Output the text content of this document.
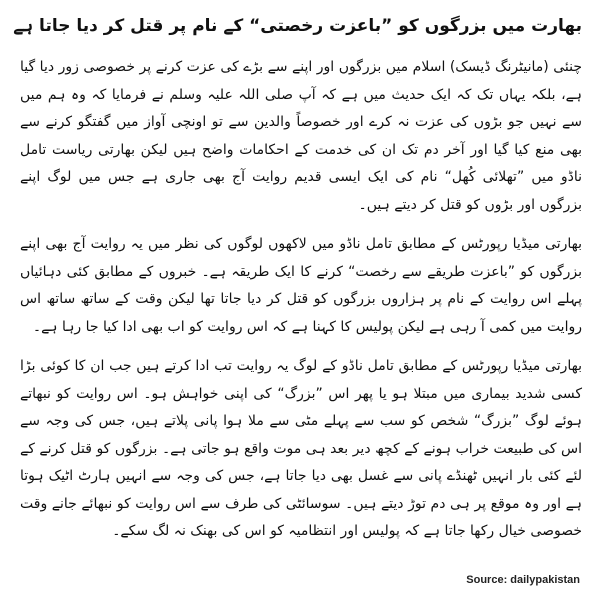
بھارت میں بزرگوں کو ”باعزت رخصتی“ کے نام پر قتل کر دیا جاتا ہے

چنئی (مانیٹرنگ ڈیسک) اسلام میں بزرگوں اور اپنے سے بڑے کی عزت کرنے پر خصوصی زور دیا گیا ہے، بلکہ یہاں تک کہ ایک حدیث میں ہے کہ آپ صلی اللہ علیہ وسلم نے فرمایا کہ وہ ہم میں سے نہیں جو بڑوں کی عزت نہ کرے اور خصوصاً والدین سے تو اونچی آواز میں گفتگو کرنے سے بھی منع کیا گیا اور آخر دم تک ان کی خدمت کے احکامات واضح ہیں لیکن بھارتی ریاست تامل ناڈو میں ”تھلائی کُھل“ نام کی ایک ایسی قدیم روایت آج بھی جاری ہے جس میں لوگ اپنے بزرگوں اور بڑوں کو قتل کر دیتے ہیں۔

بھارتی میڈیا رپورٹس کے مطابق تامل ناڈو میں لاکھوں لوگوں کی نظر میں یہ روایت آج بھی اپنے بزرگوں کو ”باعزت طریقے سے رخصت“ کرنے کا ایک طریقہ ہے۔ خبروں کے مطابق کئی دہائیاں پہلے اس روایت کے نام پر ہزاروں بزرگوں کو قتل کر دیا جاتا تھا لیکن وقت کے ساتھ ساتھ اس روایت میں کمی آ رہی ہے لیکن پولیس کا کہنا ہے کہ اس روایت کو اب بھی ادا کیا جا رہا ہے۔

بھارتی میڈیا رپورٹس کے مطابق تامل ناڈو کے لوگ یہ روایت تب ادا کرتے ہیں جب ان کا کوئی بڑا کسی شدید بیماری میں مبتلا ہو یا پھر اس ”بزرگ“ کی اپنی خواہش ہو۔ اس روایت کو نبھاتے ہوئے لوگ ”بزرگ“ شخص کو سب سے پہلے مٹی سے ملا ہوا پانی پلاتے ہیں، جس کی وجہ سے اس کی طبیعت خراب ہونے کے کچھ دیر بعد ہی موت واقع ہو جاتی ہے۔ بزرگوں کو قتل کرنے کے لئے کئی بار انہیں ٹھنڈے پانی سے غسل بھی دیا جاتا ہے، جس کی وجہ سے انہیں ہارٹ اٹیک ہوتا ہے اور وہ موقع پر ہی دم توڑ دیتے ہیں۔ سوسائٹی کی طرف سے اس روایت کو نبھائے جانے وقت خصوصی خیال رکھا جاتا ہے کہ پولیس اور انتظامیہ کو اس کی بھنک نہ لگ سکے۔

Source: dailypakistan
